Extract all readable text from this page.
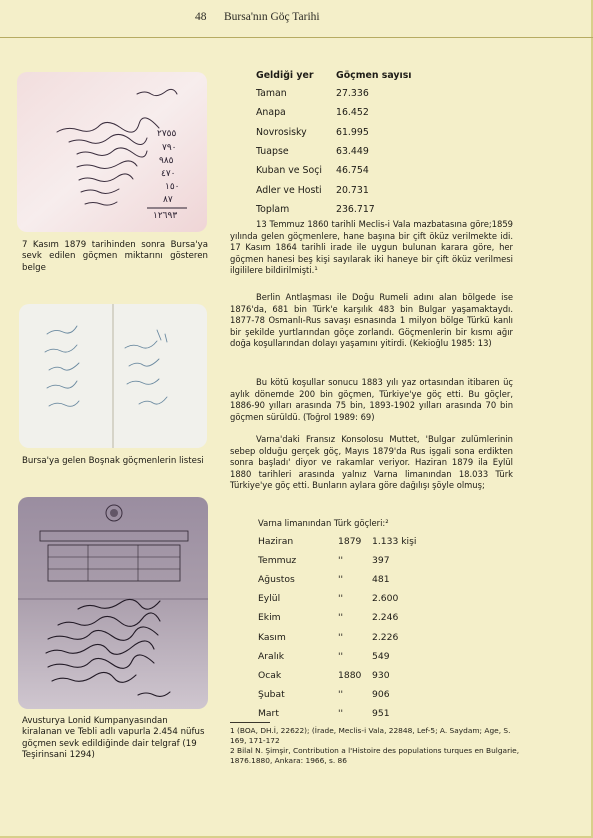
48 Bursa'nın Göç Tarihi
٢٧٥٥
٧٩٠
٩٨٥
٤٧٠
١٥٠
٨٧
١٢٦٩٣
7 Kasım 1879 tarihinden sonra Bursa'ya sevk edilen göçmen miktarını gösteren belge
Bursa'ya gelen Boşnak göçmenlerin listesi
Avusturya Lonid Kumpanyasından kiralanan ve Tebli adlı vapurla 2.454 nüfus göçmen sevk edildiğinde dair telgraf (19 Teşirinsani 1294)
Geldiği yer	Göçmen sayısı
Taman	27.336
Anapa	16.452
Novrosisky	61.995
Tuapse	63.449
Kuban ve Soçi	46.754
Adler ve Hosti	20.731
Toplam	236.717

13 Temmuz 1860 tarihli Meclis-i Vala mazbatasına göre;1859 yılında gelen göçmenlere, hane başına bir çift öküz verilmekte idi. 17 Kasım 1864 tarihli irade ile uygun bulunan karara göre, her göçmen hanesi beş kişi sayılarak iki haneye bir çift öküz verilmesi ilgililere bildirilmişti.¹

Berlin Antlaşması ile Doğu Rumeli adını alan bölgede ise 1876'da, 681 bin Türk'e karşılık 483 bin Bulgar yaşamaktaydı. 1877-78 Osmanlı-Rus savaşı esnasında 1 milyon bölge Türkü kanlı bir şekilde yurtlarından göçe zorlandı. Göçmenlerin bir kısmı ağır doğa koşullarından dolayı yaşamını yitirdi. (Kekioğlu 1985: 13)

Bu kötü koşullar sonucu 1883 yılı yaz ortasından itibaren üç aylık dönemde 200 bin göçmen, Türkiye'ye göç etti. Bu göçler, 1886-90 yılları arasında 75 bin, 1893-1902 yılları arasında 70 bin göçmen sürüldü. (Toğrol 1989: 69)

Varna'daki Fransız Konsolosu Muttet, 'Bulgar zulümlerinin sebep olduğu gerçek göç, Mayıs 1879'da Rus işgali sona erdikten sonra başladı' diyor ve rakamlar veriyor. Haziran 1879 ila Eylül 1880 tarihleri arasında yalnız Varna limanından 18.033 Türk Türkiye'ye göç etti. Bunların aylara göre dağılışı şöyle olmuş;

Varna limanından Türk göçleri:²
Haziran	1879	1.133 kişi
Temmuz	''	397
Ağustos	''	481
Eylül	''	2.600
Ekim	''	2.246
Kasım	''	2.226
Aralık	''	549
Ocak	1880	930
Şubat	''	906
Mart	''	951
1 (BOA, DH.İ, 22622); (İrade, Meclis-i Vala, 22848, Lef-5; A. Saydam; Age, S. 169, 171-172
2 Bilal N. Şimşir, Contribution a l'Histoire des populations turques en Bulgarie, 1876.1880, Ankara: 1966, s. 86
